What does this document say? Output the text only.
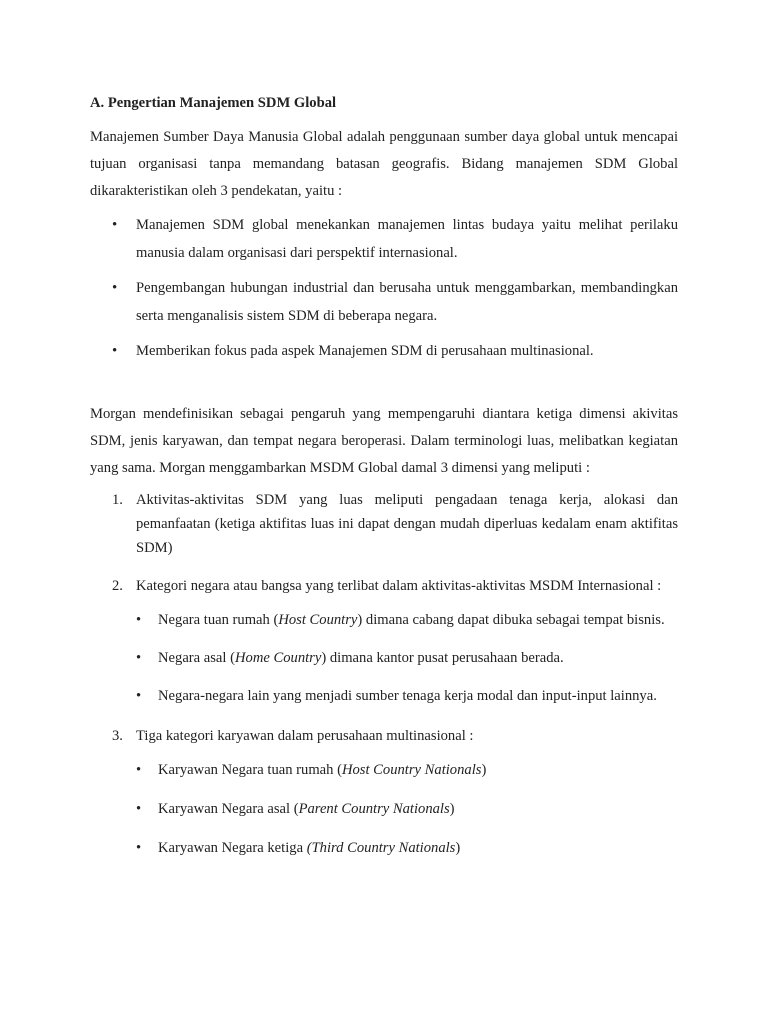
A. Pengertian Manajemen SDM Global

Manajemen Sumber Daya Manusia Global adalah penggunaan sumber daya global untuk mencapai tujuan organisasi tanpa memandang batasan geografis. Bidang manajemen SDM Global dikarakteristikan oleh 3 pendekatan, yaitu :

• Manajemen SDM global menekankan manajemen lintas budaya yaitu melihat perilaku manusia dalam organisasi dari perspektif internasional.
• Pengembangan hubungan industrial dan berusaha untuk menggambarkan, membandingkan serta menganalisis sistem SDM di beberapa negara.
• Memberikan fokus pada aspek Manajemen SDM di perusahaan multinasional.

Morgan mendefinisikan sebagai pengaruh yang mempengaruhi diantara ketiga dimensi akivitas SDM, jenis karyawan, dan tempat negara beroperasi. Dalam terminologi luas, melibatkan kegiatan yang sama. Morgan menggambarkan MSDM Global damal 3 dimensi yang meliputi :

1. Aktivitas-aktivitas SDM yang luas meliputi pengadaan tenaga kerja, alokasi dan pemanfaatan (ketiga aktifitas luas ini dapat dengan mudah diperluas kedalam enam aktifitas SDM)
2. Kategori negara atau bangsa yang terlibat dalam aktivitas-aktivitas MSDM Internasional :
• Negara tuan rumah (Host Country) dimana cabang dapat dibuka sebagai tempat bisnis.
• Negara asal (Home Country) dimana kantor pusat perusahaan berada.
• Negara-negara lain yang menjadi sumber tenaga kerja modal dan input-input lainnya.
3. Tiga kategori karyawan dalam perusahaan multinasional :
• Karyawan Negara tuan rumah (Host Country Nationals)
• Karyawan Negara asal (Parent Country Nationals)
• Karyawan Negara ketiga (Third Country Nationals)
